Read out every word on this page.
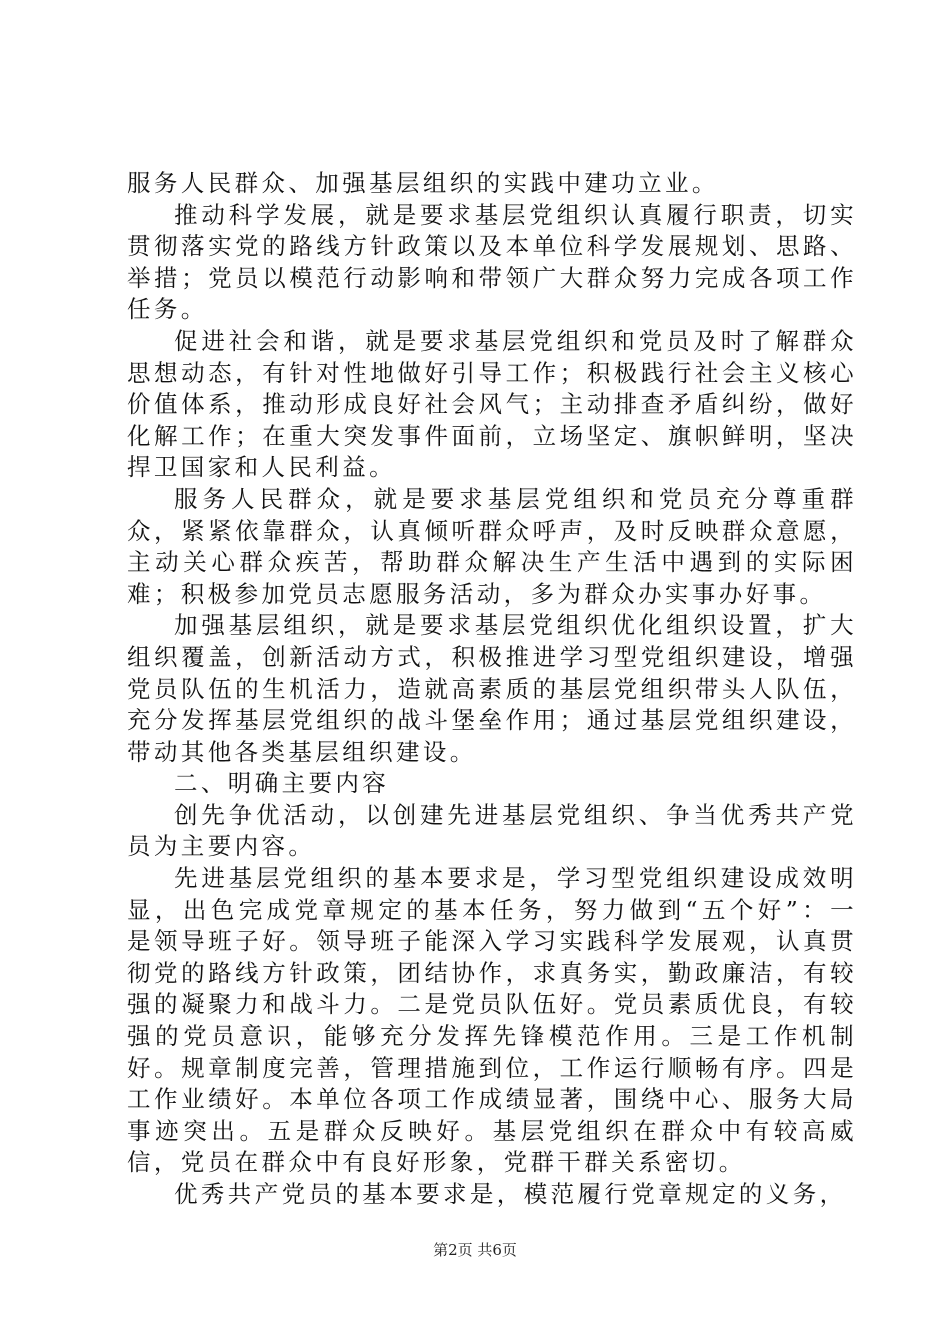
服务人民群众、加强基层组织的实践中建功立业。

推动科学发展，就是要求基层党组织认真履行职责，切实贯彻落实党的路线方针政策以及本单位科学发展规划、思路、举措；党员以模范行动影响和带领广大群众努力完成各项工作任务。

促进社会和谐，就是要求基层党组织和党员及时了解群众思想动态，有针对性地做好引导工作；积极践行社会主义核心价值体系，推动形成良好社会风气；主动排查矛盾纠纷，做好化解工作；在重大突发事件面前，立场坚定、旗帜鲜明，坚决捍卫国家和人民利益。

服务人民群众，就是要求基层党组织和党员充分尊重群众，紧紧依靠群众，认真倾听群众呼声，及时反映群众意愿，主动关心群众疾苦，帮助群众解决生产生活中遇到的实际困难；积极参加党员志愿服务活动，多为群众办实事办好事。

加强基层组织，就是要求基层党组织优化组织设置，扩大组织覆盖，创新活动方式，积极推进学习型党组织建设，增强党员队伍的生机活力，造就高素质的基层党组织带头人队伍，充分发挥基层党组织的战斗堡垒作用；通过基层党组织建设，带动其他各类基层组织建设。

二、明确主要内容

创先争优活动，以创建先进基层党组织、争当优秀共产党员为主要内容。

先进基层党组织的基本要求是，学习型党组织建设成效明显，出色完成党章规定的基本任务，努力做到“五个好”：一是领导班子好。领导班子能深入学习实践科学发展观，认真贯彻党的路线方针政策，团结协作，求真务实，勤政廉洁，有较强的凝聚力和战斗力。二是党员队伍好。党员素质优良，有较强的党员意识，能够充分发挥先锋模范作用。三是工作机制好。规章制度完善，管理措施到位，工作运行顺畅有序。四是工作业绩好。本单位各项工作成绩显著，围绕中心、服务大局事迹突出。五是群众反映好。基层党组织在群众中有较高威信，党员在群众中有良好形象，党群干群关系密切。

优秀共产党员的基本要求是，模范履行党章规定的义务，

第2页 共6页
